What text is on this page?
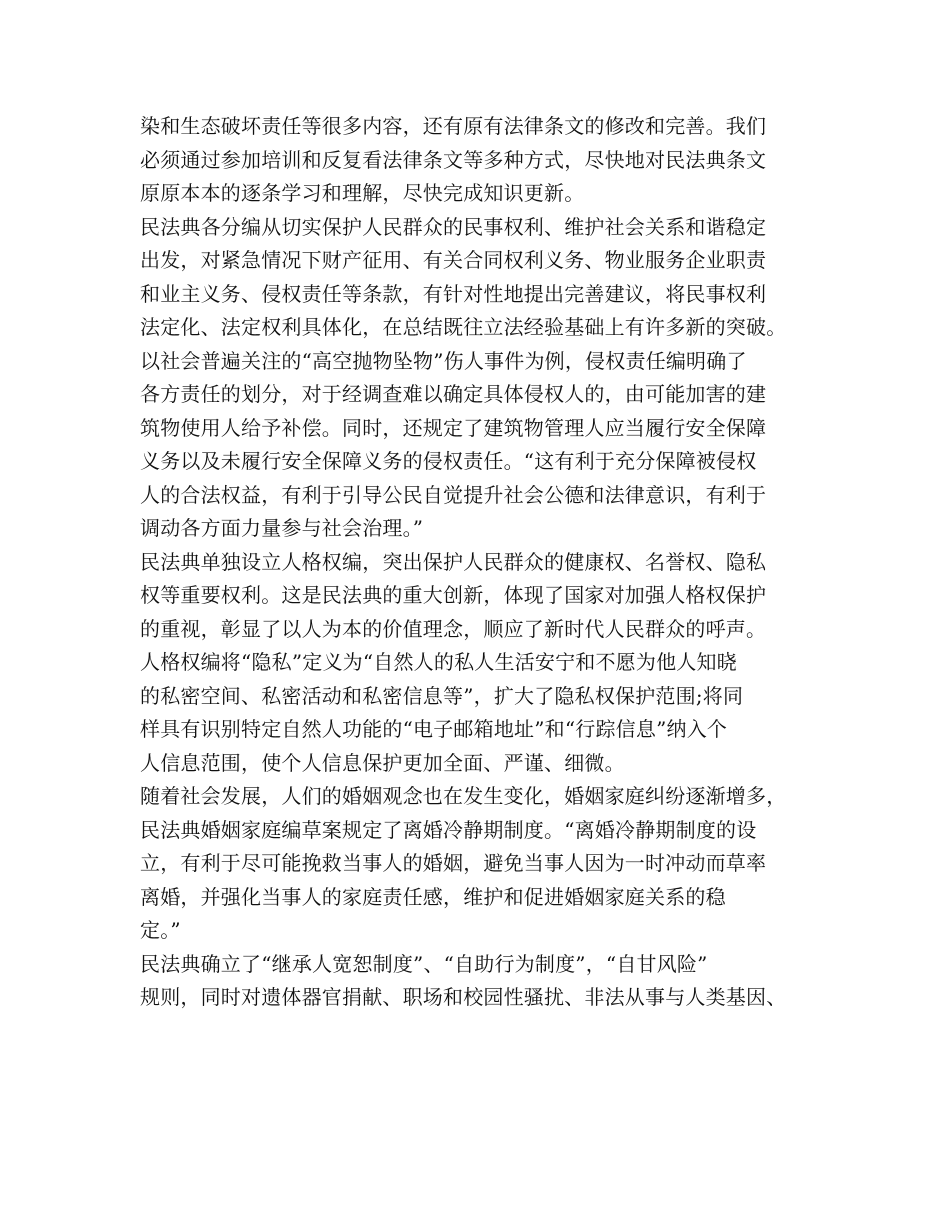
染和生态破坏责任等很多内容，还有原有法律条文的修改和完善。我们
必须通过参加培训和反复看法律条文等多种方式，尽快地对民法典条文
原原本本的逐条学习和理解，尽快完成知识更新。
民法典各分编从切实保护人民群众的民事权利、维护社会关系和谐稳定
出发，对紧急情况下财产征用、有关合同权利义务、物业服务企业职责
和业主义务、侵权责任等条款，有针对性地提出完善建议，将民事权利
法定化、法定权利具体化，在总结既往立法经验基础上有许多新的突破。
以社会普遍关注的“高空抛物坠物”伤人事件为例，侵权责任编明确了
各方责任的划分，对于经调查难以确定具体侵权人的，由可能加害的建
筑物使用人给予补偿。同时，还规定了建筑物管理人应当履行安全保障
义务以及未履行安全保障义务的侵权责任。“这有利于充分保障被侵权
人的合法权益，有利于引导公民自觉提升社会公德和法律意识，有利于
调动各方面力量参与社会治理。”
民法典单独设立人格权编，突出保护人民群众的健康权、名誉权、隐私
权等重要权利。这是民法典的重大创新，体现了国家对加强人格权保护
的重视，彰显了以人为本的价值理念，顺应了新时代人民群众的呼声。
人格权编将“隐私”定义为“自然人的私人生活安宁和不愿为他人知晓
的私密空间、私密活动和私密信息等”，扩大了隐私权保护范围;将同
样具有识别特定自然人功能的“电子邮箱地址”和“行踪信息”纳入个
人信息范围，使个人信息保护更加全面、严谨、细微。
随着社会发展，人们的婚姻观念也在发生变化，婚姻家庭纠纷逐渐增多，
民法典婚姻家庭编草案规定了离婚冷静期制度。“离婚冷静期制度的设
立，有利于尽可能挽救当事人的婚姻，避免当事人因为一时冲动而草率
离婚，并强化当事人的家庭责任感，维护和促进婚姻家庭关系的稳
定。”
民法典确立了“继承人宽恕制度”、“自助行为制度”，“自甘风险”
规则，同时对遗体器官捐献、职场和校园性骚扰、非法从事与人类基因、
